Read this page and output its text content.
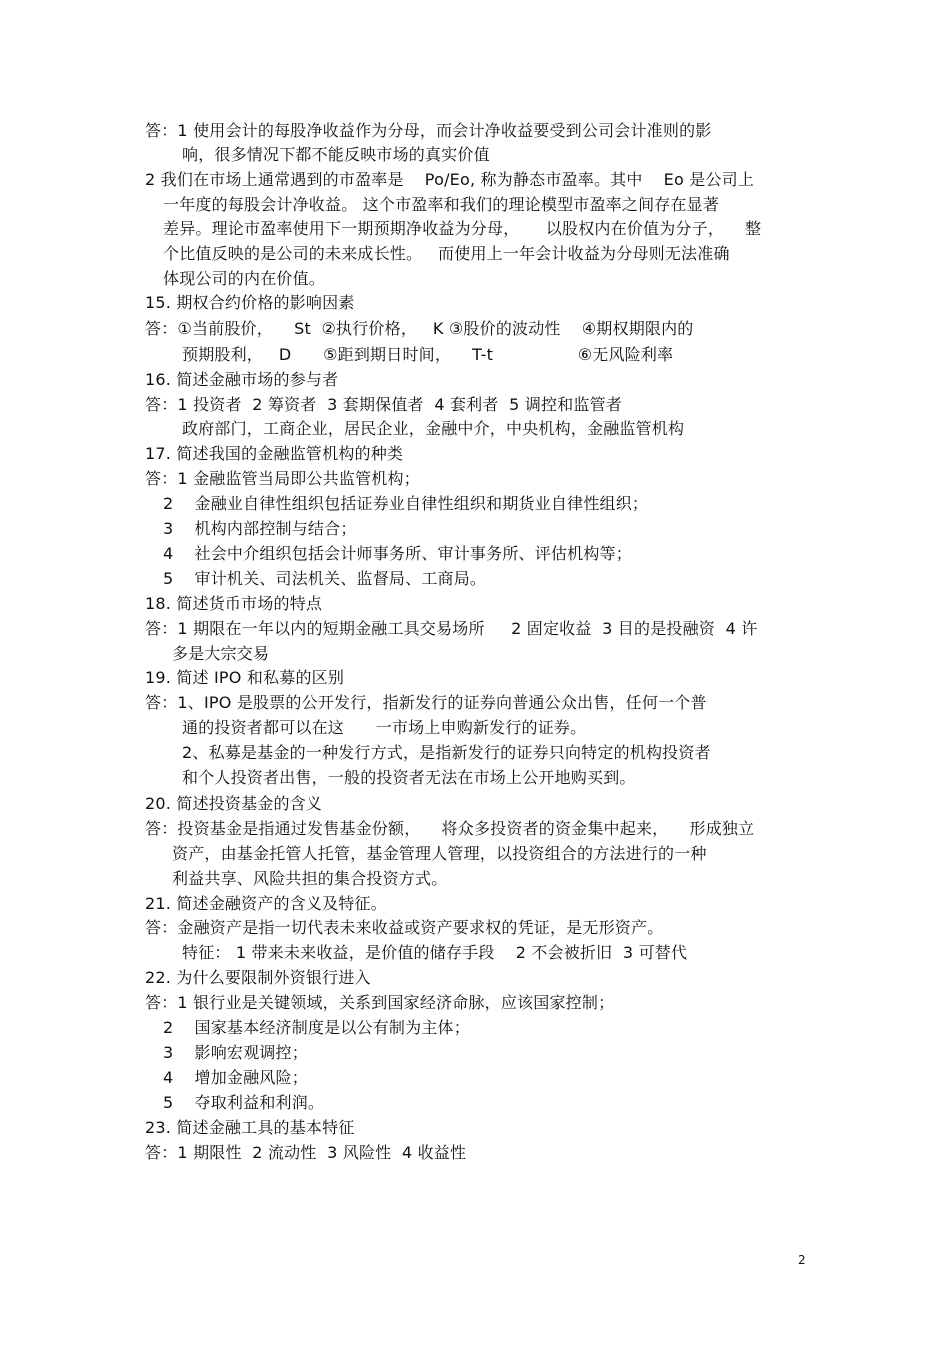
答：1 使用会计的每股净收益作为分母，而会计净收益要受到公司会计准则的影
响，很多情况下都不能反映市场的真实价值
2 我们在市场上通常遇到的市盈率是    Po/Eo, 称为静态市盈率。其中    Eo 是公司上
一年度的每股会计净收益。 这个市盈率和我们的理论模型市盈率之间存在显著
差异。理论市盈率使用下一期预期净收益为分母，     以股权内在价值为分子，    整
个比值反映的是公司的未来成长性。   而使用上一年会计收益为分母则无法准确
体现公司的内在价值。
15. 期权合约价格的影响因素
答：①当前股价，    St  ②执行价格，   K ③股价的波动性    ④期权期限内的
预期股利，   D      ⑤距到期日时间，    T-t                ⑥无风险利率
16. 简述金融市场的参与者
答：1 投资者  2 筹资者  3 套期保值者  4 套利者  5 调控和监管者
政府部门，工商企业，居民企业，金融中介，中央机构，金融监管机构
17. 简述我国的金融监管机构的种类
答：1 金融监管当局即公共监管机构；
2    金融业自律性组织包括证券业自律性组织和期货业自律性组织；
3    机构内部控制与结合；
4    社会中介组织包括会计师事务所、审计事务所、评估机构等；
5    审计机关、司法机关、监督局、工商局。
18. 简述货币市场的特点
答：1 期限在一年以内的短期金融工具交易场所     2 固定收益  3 目的是投融资  4 许
多是大宗交易
19. 简述 IPO 和私募的区别
答：1、IPO 是股票的公开发行，指新发行的证券向普通公众出售，任何一个普
通的投资者都可以在这      一市场上申购新发行的证券。
2、私募是基金的一种发行方式，是指新发行的证券只向特定的机构投资者
和个人投资者出售，一般的投资者无法在市场上公开地购买到。
20. 简述投资基金的含义
答：投资基金是指通过发售基金份额，    将众多投资者的资金集中起来，    形成独立
资产，由基金托管人托管，基金管理人管理，以投资组合的方法进行的一种
利益共享、风险共担的集合投资方式。
21. 简述金融资产的含义及特征。
答：金融资产是指一切代表未来收益或资产要求权的凭证，是无形资产。
特征： 1 带来未来收益，是价值的储存手段    2 不会被折旧  3 可替代
22. 为什么要限制外资银行进入
答：1 银行业是关键领域，关系到国家经济命脉，应该国家控制；
2    国家基本经济制度是以公有制为主体；
3    影响宏观调控；
4    增加金融风险；
5    夺取利益和利润。
23. 简述金融工具的基本特征
答：1 期限性  2 流动性  3 风险性  4 收益性
2
